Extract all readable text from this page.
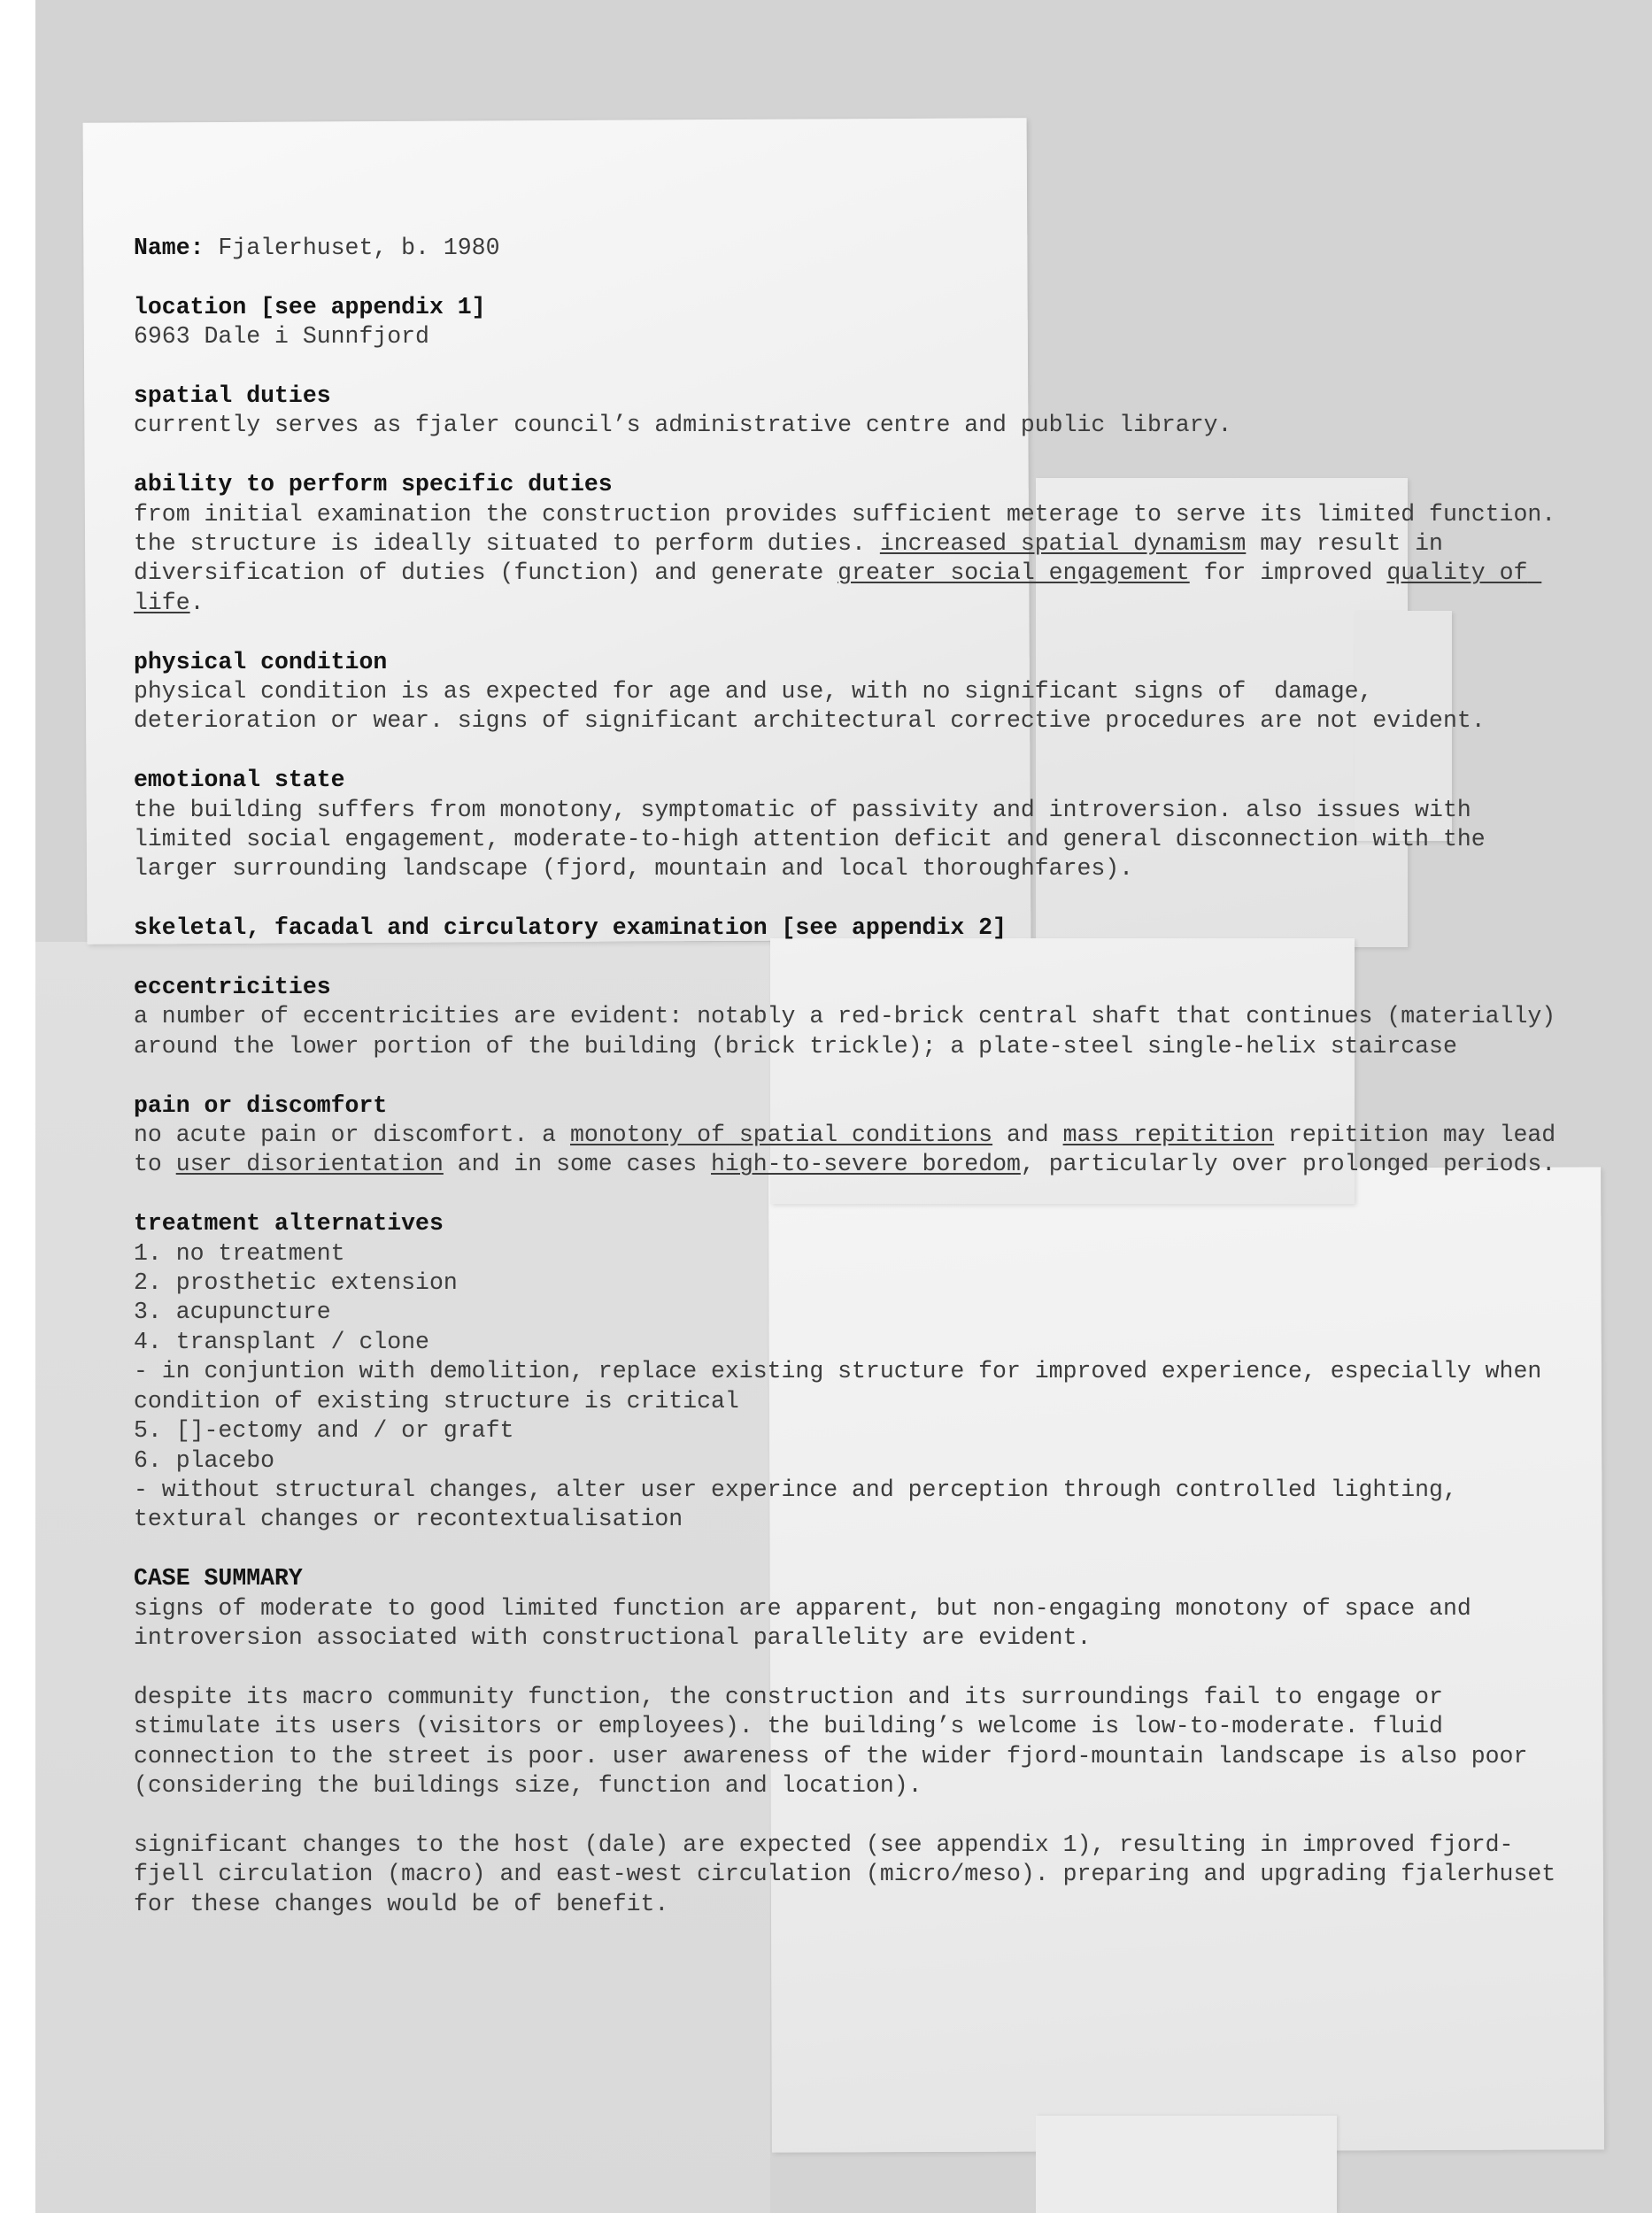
Name: Fjalerhuset, b. 1980
location [see appendix 1]
6963 Dale i Sunnfjord
spatial duties
currently serves as fjaler council’s administrative centre and public library.
ability to perform specific duties
from initial examination the construction provides sufficient meterage to serve its limited function.
the structure is ideally situated to perform duties. increased spatial dynamism may result in diversification of duties (function) and generate greater social engagement for improved quality of life.
physical condition
physical condition is as expected for age and use, with no significant signs of  damage, deterioration or wear. signs of significant architectural corrective procedures are not evident.
emotional state
the building suffers from monotony, symptomatic of passivity and introversion. also issues with limited social engagement, moderate-to-high attention deficit and general disconnection with the larger surrounding landscape (fjord, mountain and local thoroughfares).
skeletal, facadal and circulatory examination [see appendix 2]
eccentricities
a number of eccentricities are evident: notably a red-brick central shaft that continues (materially) around the lower portion of the building (brick trickle); a plate-steel single-helix staircase
pain or discomfort
no acute pain or discomfort. a monotony of spatial conditions and mass repitition repitition may lead to user disorientation and in some cases high-to-severe boredom, particularly over prolonged periods.
treatment alternatives
1. no treatment
2. prosthetic extension
3. acupuncture
4. transplant / clone
- in conjuntion with demolition, replace existing structure for improved experience, especially when condition of existing structure is critical
5. []-ectomy and / or graft
6. placebo
- without structural changes, alter user experince and perception through controlled lighting, textural changes or recontextualisation
CASE SUMMARY
signs of moderate to good limited function are apparent, but non-engaging monotony of space and introversion associated with constructional parallelity are evident.
despite its macro community function, the construction and its surroundings fail to engage or stimulate its users (visitors or employees). the building’s welcome is low-to-moderate. fluid connection to the street is poor. user awareness of the wider fjord-mountain landscape is also poor (considering the buildings size, function and location).
significant changes to the host (dale) are expected (see appendix 1), resulting in improved fjord-fjell circulation (macro) and east-west circulation (micro/meso). preparing and upgrading fjalerhuset for these changes would be of benefit.
